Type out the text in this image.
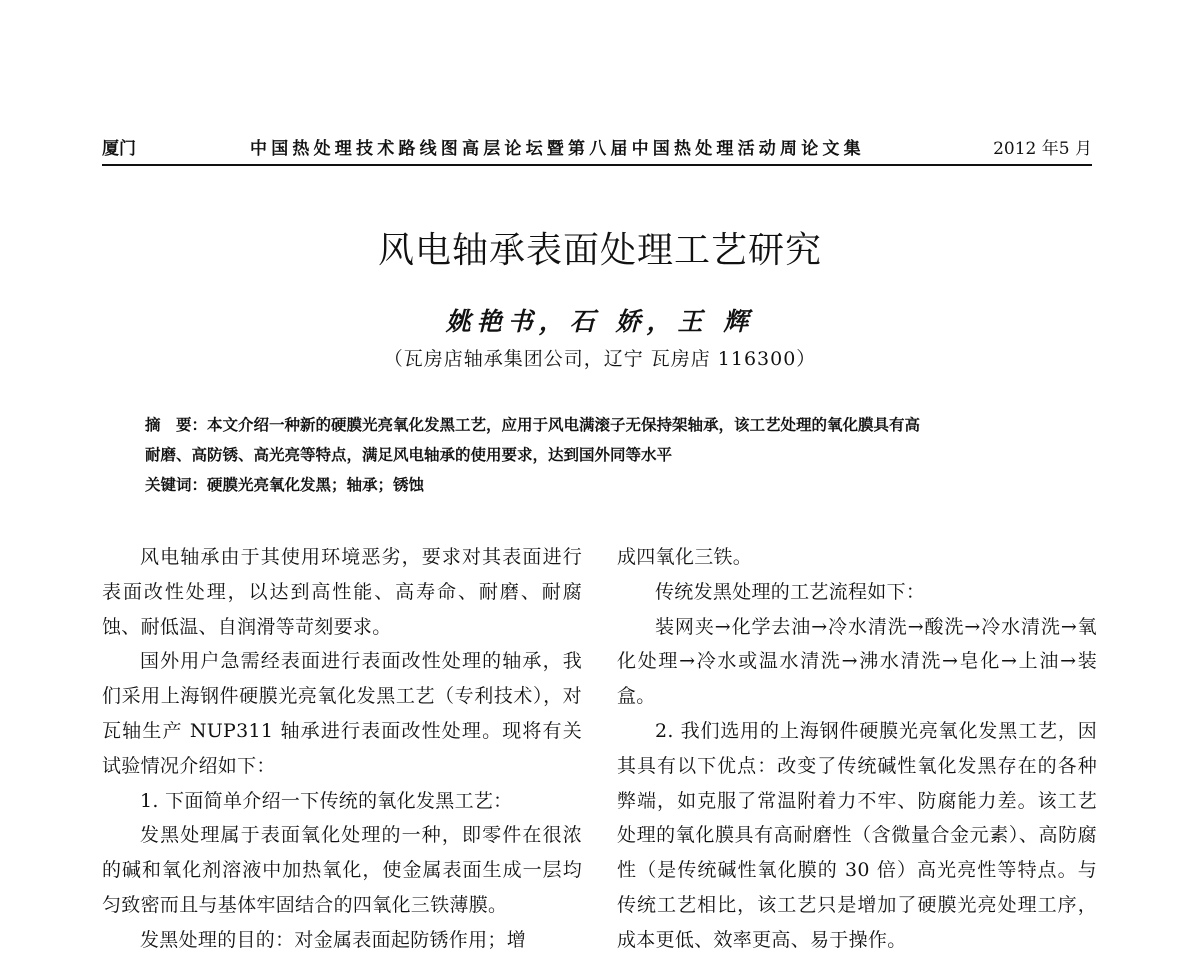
厦门	中国热处理技术路线图高层论坛暨第八届中国热处理活动周论文集	2012 年5 月
风电轴承表面处理工艺研究
姚艳书，石 娇，王 辉
（瓦房店轴承集团公司，辽宁 瓦房店 116300）

摘　要：本文介绍一种新的硬膜光亮氧化发黑工艺，应用于风电满滚子无保持架轴承，该工艺处理的氧化膜具有高

耐磨、高防锈、高光亮等特点，满足风电轴承的使用要求，达到国外同等水平

关键词：硬膜光亮氧化发黑；轴承；锈蚀

风电轴承由于其使用环境恶劣，要求对其表面进行表面改性处理，以达到高性能、高寿命、耐磨、耐腐蚀、耐低温、自润滑等苛刻要求。

国外用户急需经表面进行表面改性处理的轴承，我们采用上海钢件硬膜光亮氧化发黑工艺（专利技术），对瓦轴生产 NUP311 轴承进行表面改性处理。现将有关试验情况介绍如下：

1. 下面简单介绍一下传统的氧化发黑工艺：

发黑处理属于表面氧化处理的一种，即零件在很浓的碱和氧化剂溶液中加热氧化，使金属表面生成一层均匀致密而且与基体牢固结合的四氧化三铁薄膜。

发黑处理的目的：对金属表面起防锈作用；增

成四氧化三铁。

传统发黑处理的工艺流程如下：

装网夹→化学去油→冷水清洗→酸洗→冷水清洗→氧化处理→冷水或温水清洗→沸水清洗→皂化→上油→装盒。

2. 我们选用的上海钢件硬膜光亮氧化发黑工艺，因其具有以下优点：改变了传统碱性氧化发黑存在的各种弊端，如克服了常温附着力不牢、防腐能力差。该工艺处理的氧化膜具有高耐磨性（含微量合金元素）、高防腐性（是传统碱性氧化膜的 30 倍）高光亮性等特点。与传统工艺相比，该工艺只是增加了硬膜光亮处理工序，成本更低、效率更高、易于操作。
